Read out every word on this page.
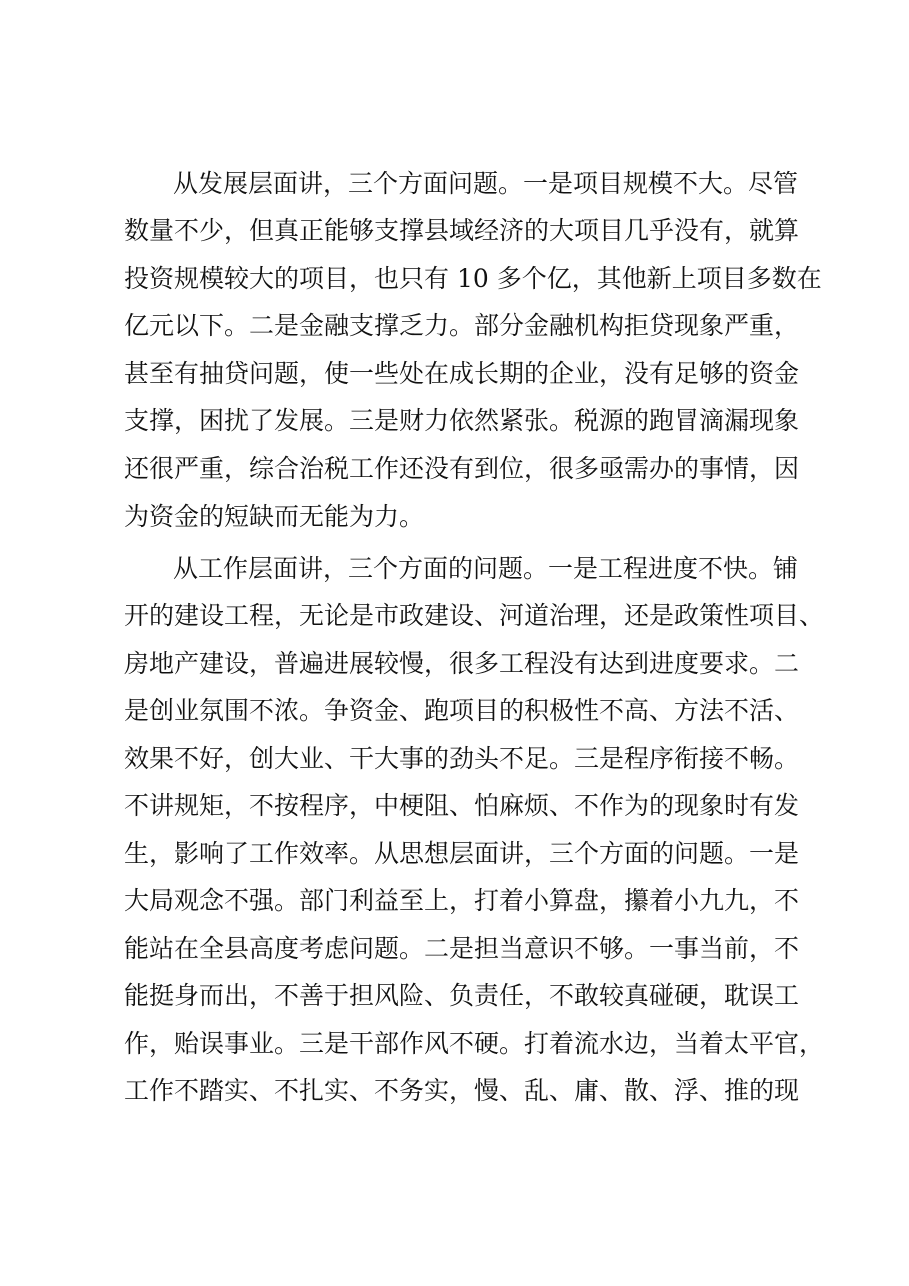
从发展层面讲，三个方面问题。一是项目规模不大。尽管
数量不少，但真正能够支撑县域经济的大项目几乎没有，就算
投资规模较大的项目，也只有 10 多个亿，其他新上项目多数在
亿元以下。二是金融支撑乏力。部分金融机构拒贷现象严重，
甚至有抽贷问题，使一些处在成长期的企业，没有足够的资金
支撑，困扰了发展。三是财力依然紧张。税源的跑冒滴漏现象
还很严重，综合治税工作还没有到位，很多亟需办的事情，因
为资金的短缺而无能为力。
从工作层面讲，三个方面的问题。一是工程进度不快。铺
开的建设工程，无论是市政建设、河道治理，还是政策性项目、
房地产建设，普遍进展较慢，很多工程没有达到进度要求。二
是创业氛围不浓。争资金、跑项目的积极性不高、方法不活、
效果不好，创大业、干大事的劲头不足。三是程序衔接不畅。
不讲规矩，不按程序，中梗阻、怕麻烦、不作为的现象时有发
生，影响了工作效率。从思想层面讲，三个方面的问题。一是
大局观念不强。部门利益至上，打着小算盘，攥着小九九，不
能站在全县高度考虑问题。二是担当意识不够。一事当前，不
能挺身而出，不善于担风险、负责任，不敢较真碰硬，耽误工
作，贻误事业。三是干部作风不硬。打着流水边，当着太平官，
工作不踏实、不扎实、不务实，慢、乱、庸、散、浮、推的现
